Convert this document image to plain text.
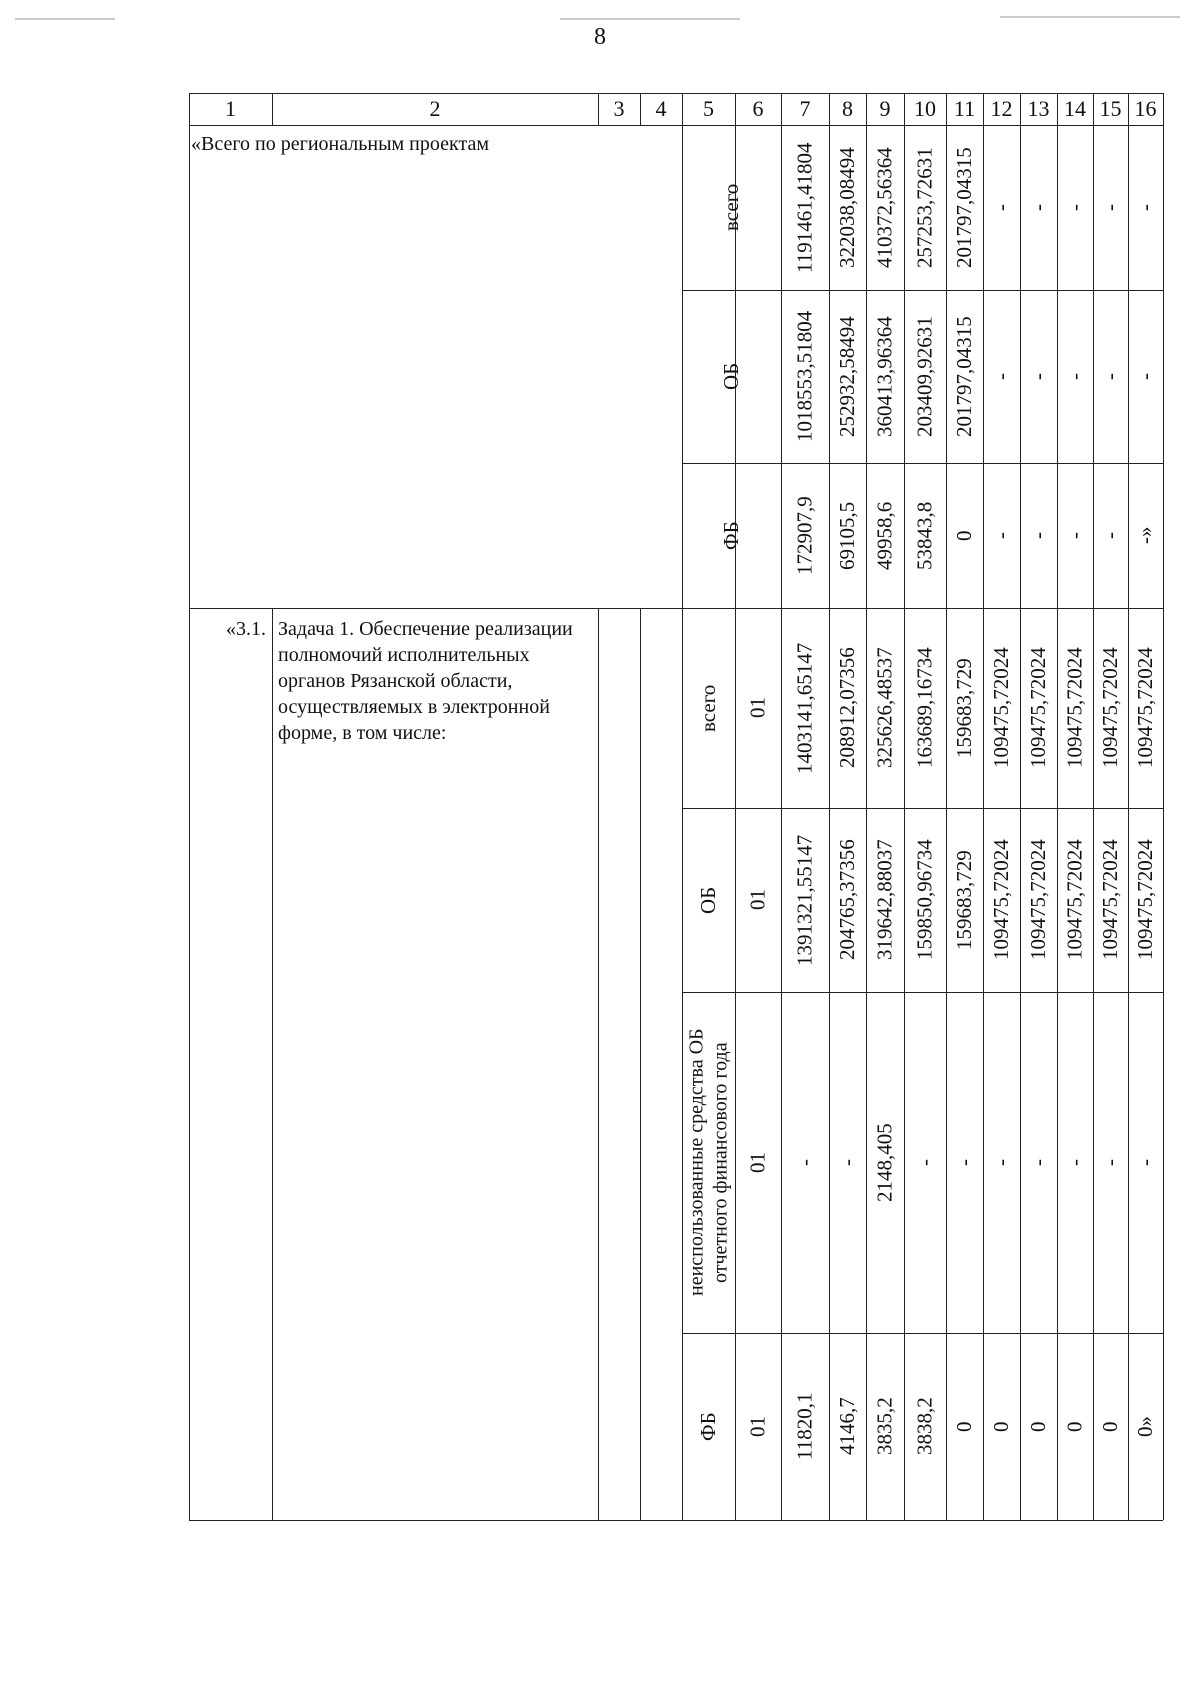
8
1	2	3	4	5	6	7	8	9	10 11 12 13 14 15 16
«Всего по региональным проектам
всего	1191461,41804 322038,08494 410372,56364 257253,72631 201797,04315 - - - - -
ОБ	1018553,51804 252932,58494 360413,96364 203409,92631 201797,04315 - - - - -
ФБ	172907,9 69105,5 49958,6 53843,8 0 - - - - -»
«3.1. Задача 1. Обеспечение реализации полномочий исполнительных органов Рязанской области, осуществляемых в электронной форме, в том числе:
всего	01	1403141,65147 208912,07356 325626,48537 163689,16734 159683,729 109475,72024 109475,72024 109475,72024 109475,72024 109475,72024
ОБ	01	1391321,55147 204765,37356 319642,88037 159850,96734 159683,729 109475,72024 109475,72024 109475,72024 109475,72024 109475,72024
неиспользованные средства ОБ отчетного финансового года 01	- - 2148,405 - - - - - - -
ФБ	01	11820,1 4146,7 3835,2 3838,2 0 0 0 0 0 0»
